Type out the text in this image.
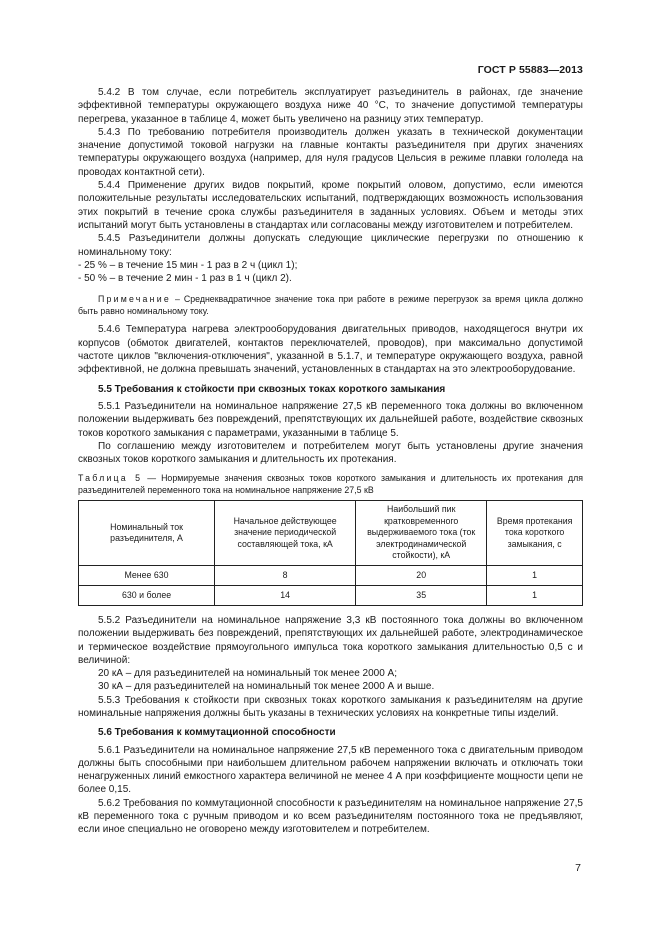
ГОСТ Р 55883—2013

5.4.2 В том случае, если потребитель эксплуатирует разъединитель в районах, где значение эффективной температуры окружающего воздуха ниже 40 °С, то значение допустимой температуры перегрева, указанное в таблице 4, может быть увеличено на разницу этих температур.

5.4.3 По требованию потребителя производитель должен указать в технической документации значение допустимой токовой нагрузки на главные контакты разъединителя при других значениях температуры окружающего воздуха (например, для нуля градусов Цельсия в режиме плавки гололеда на проводах контактной сети).

5.4.4 Применение других видов покрытий, кроме покрытий оловом, допустимо, если имеются положительные результаты исследовательских испытаний, подтверждающих возможность использования этих покрытий в течение срока службы разъединителя в заданных условиях. Объем и методы этих испытаний могут быть установлены в стандартах или согласованы между изготовителем и потребителем.

5.4.5 Разъединители должны допускать следующие циклические перегрузки по отношению к номинальному току:

- 25 % – в течение 15 мин - 1 раз в 2 ч (цикл 1);

- 50 % – в течение 2 мин - 1 раз в 1 ч (цикл 2).

Примечание – Среднеквадратичное значение тока при работе в режиме перегрузок за время цикла должно быть равно номинальному току.

5.4.6 Температура нагрева электрооборудования двигательных приводов, находящегося внутри их корпусов (обмоток двигателей, контактов переключателей, проводов), при максимально допустимой частоте циклов "включения-отключения", указанной в 5.1.7, и температуре окружающего воздуха, равной эффективной, не должна превышать значений, установленных в стандартах на это электрооборудование.

5.5 Требования к стойкости при сквозных токах короткого замыкания

5.5.1 Разъединители на номинальное напряжение 27,5 кВ переменного тока должны во включенном положении выдерживать без повреждений, препятствующих их дальнейшей работе, воздействие сквозных токов короткого замыкания с параметрами, указанными в таблице 5.

По соглашению между изготовителем и потребителем могут быть установлены другие значения сквозных токов короткого замыкания и длительность их протекания.

Таблица 5 — Нормируемые значения сквозных токов короткого замыкания и длительность их протекания для разъединителей переменного тока на номинальное напряжение 27,5 кВ

Номинальный ток разъединителя, А	Начальное действующее значение периодической составляющей тока, кА	Наибольший пик кратковременного выдерживаемого тока (ток электродинамической стойкости), кА	Время протекания тока короткого замыкания, с
Менее 630	8	20	1
630 и более	14	35	1

5.5.2 Разъединители на номинальное напряжение 3,3 кВ постоянного тока должны во включенном положении выдерживать без повреждений, препятствующих их дальнейшей работе, электродинамическое и термическое воздействие прямоугольного импульса тока короткого замыкания длительностью 0,5 с и величиной:

20 кА – для разъединителей на номинальный ток менее 2000 А;

30 кА – для разъединителей на номинальный ток менее 2000 А и выше.

5.5.3 Требования к стойкости при сквозных токах короткого замыкания к разъединителям на другие номинальные напряжения должны быть указаны в технических условиях на конкретные типы изделий.

5.6 Требования к коммутационной способности

5.6.1 Разъединители на номинальное напряжение 27,5 кВ переменного тока с двигательным приводом должны быть способными при наибольшем длительном рабочем напряжении включать и отключать токи ненагруженных линий емкостного характера величиной не менее 4 А при коэффициенте мощности цепи не более 0,15.

5.6.2 Требования по коммутационной способности к разъединителям на номинальное напряжение 27,5 кВ переменного тока с ручным приводом и ко всем разъединителям постоянного тока не предъявляют, если иное специально не оговорено между изготовителем и потребителем.

7
